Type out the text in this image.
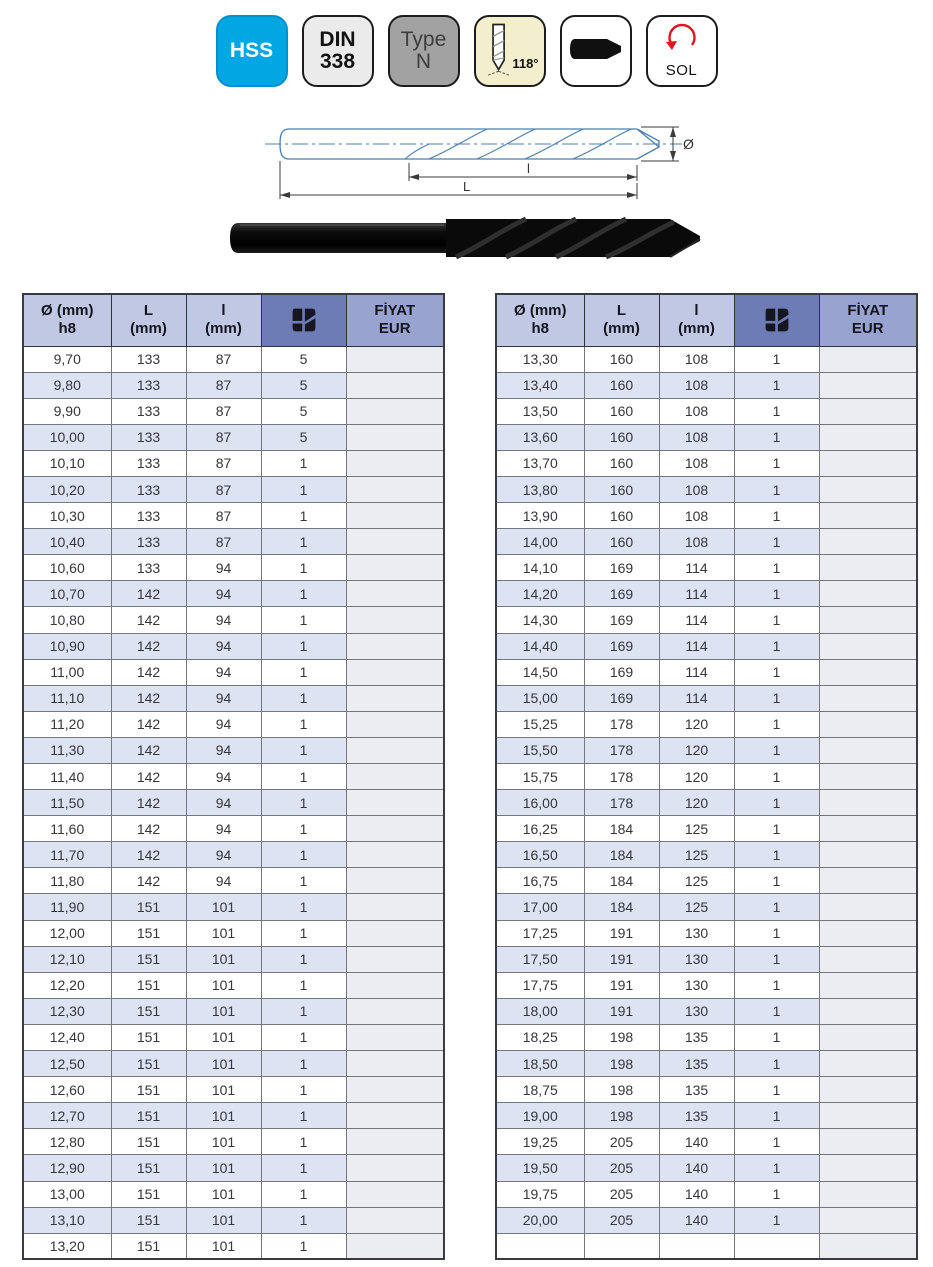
HSS DIN
338
Type
N	118°	SOL
Ø
l
L
Ø (mm)
h8

L
(mm)

l
(mm)

FİYAT
EUR

9,70	133	87	5	
9,80	133	87	5	
9,90	133	87	5	
10,00	133	87	5	
10,10	133	87	1	
10,20	133	87	1	
10,30	133	87	1	
10,40	133	87	1	
10,60	133	94	1	
10,70	142	94	1	
10,80	142	94	1	
10,90	142	94	1	
11,00	142	94	1	
11,10	142	94	1	
11,20	142	94	1	
11,30	142	94	1	
11,40	142	94	1	
11,50	142	94	1	
11,60	142	94	1	
11,70	142	94	1	
11,80	142	94	1	
11,90	151	101	1	
12,00	151	101	1	
12,10	151	101	1	
12,20	151	101	1	
12,30	151	101	1	
12,40	151	101	1	
12,50	151	101	1	
12,60	151	101	1	
12,70	151	101	1	
12,80	151	101	1	
12,90	151	101	1	
13,00	151	101	1	
13,10	151	101	1	
13,20	151	101	1	
Ø (mm)
h8

L
(mm)

l
(mm)

FİYAT
EUR

13,30	160	108	1	
13,40	160	108	1	
13,50	160	108	1	
13,60	160	108	1	
13,70	160	108	1	
13,80	160	108	1	
13,90	160	108	1	
14,00	160	108	1	
14,10	169	114	1	
14,20	169	114	1	
14,30	169	114	1	
14,40	169	114	1	
14,50	169	114	1	
15,00	169	114	1	
15,25	178	120	1	
15,50	178	120	1	
15,75	178	120	1	
16,00	178	120	1	
16,25	184	125	1	
16,50	184	125	1	
16,75	184	125	1	
17,00	184	125	1	
17,25	191	130	1	
17,50	191	130	1	
17,75	191	130	1	
18,00	191	130	1	
18,25	198	135	1	
18,50	198	135	1	
18,75	198	135	1	
19,00	198	135	1	
19,25	205	140	1	
19,50	205	140	1	
19,75	205	140	1	
20,00	205	140	1	
